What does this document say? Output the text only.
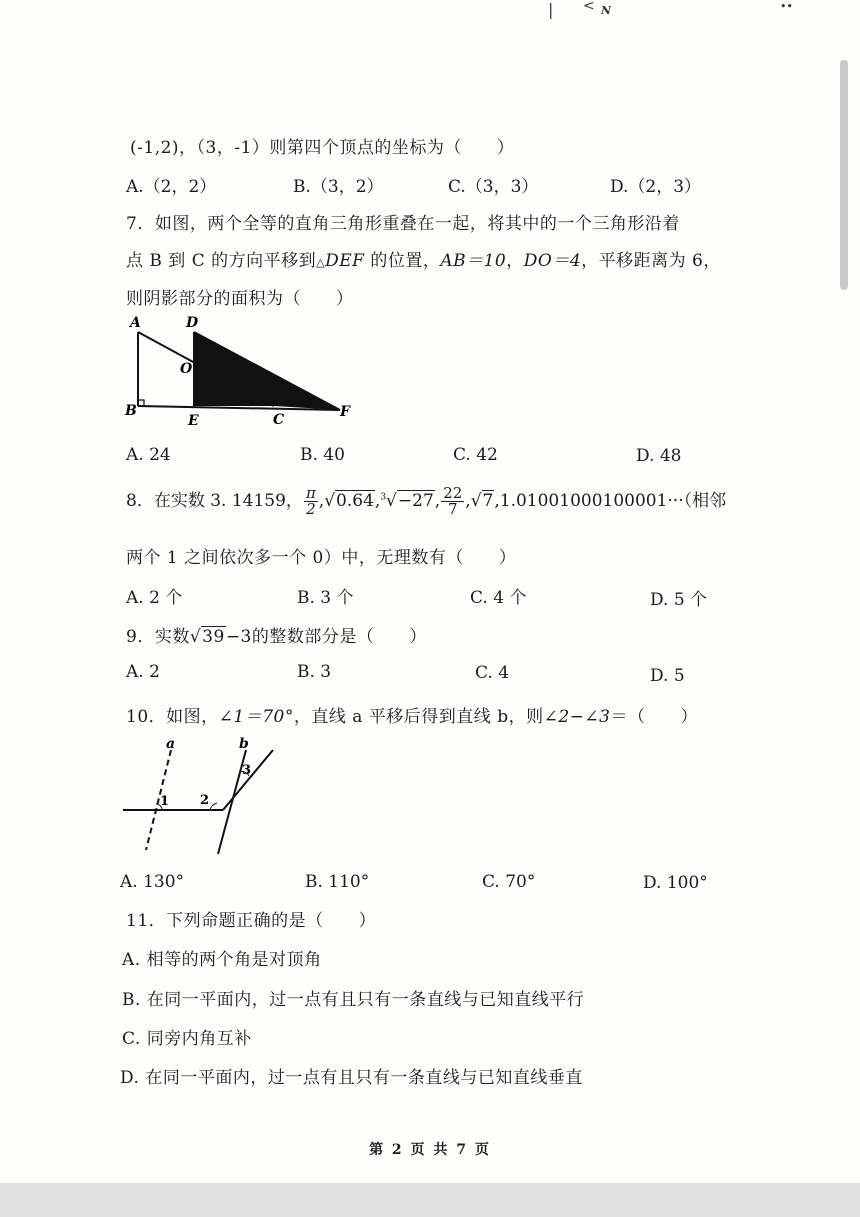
| < N	••
(-1,2)，（3，-1）则第四个顶点的坐标为（　　）
A.（2，2）	B.（3，2）	C.（3，3）	D.（2，3）
7．如图，两个全等的直角三角形重叠在一起，将其中的一个三角形沿着
点 B 到 C 的方向平移到△DEF 的位置，AB＝10，DO＝4，平移距离为 6，
则阴影部分的面积为（　　）
A	D
O
B
E	C	F
A. 24	B. 40	C. 42	D. 48
8．在实数 3. 14159， $\frac{\pi}{2} ,√0.64,^3√-27$, $\frac{22}{7} ,√7,1.01001000100001\cdot\cdot\cdot$（相邻
两个 1 之间依次多一个 0）中，无理数有（　　）
A. 2 个	B. 3 个	C. 4 个	D. 5 个
9．实数√39−3的整数部分是（　　）
A. 2	B. 3	C. 4	D. 5
10．如图，∠1＝70°，直线 a 平移后得到直线 b，则∠2−∠3＝（　　）
a	b
1 2
3
A. 130°	B. 110°	C. 70°	D. 100°
11．下列命题正确的是（　　）
A. 相等的两个角是对顶角
B. 在同一平面内，过一点有且只有一条直线与已知直线平行
C. 同旁内角互补
D. 在同一平面内，过一点有且只有一条直线与已知直线垂直
第 2 页 共 7 页
